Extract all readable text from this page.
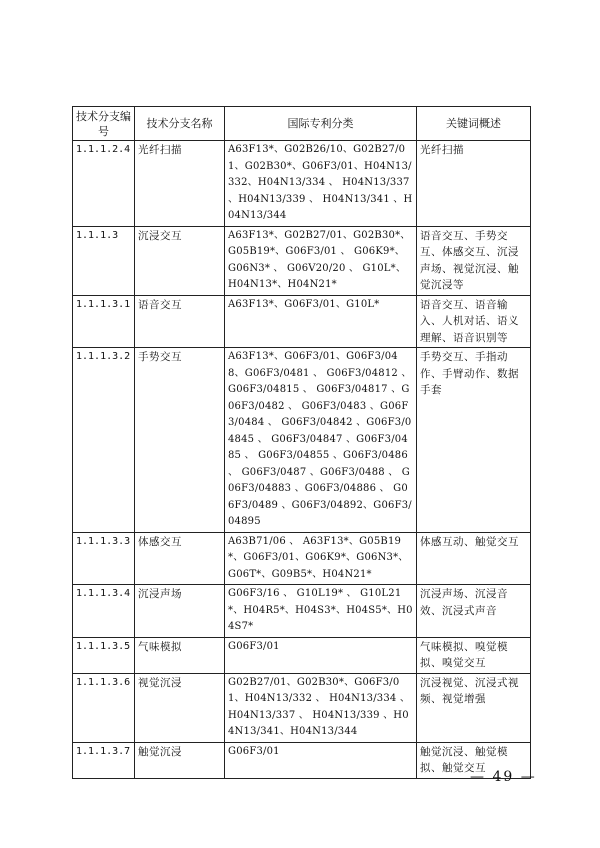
技术分支编号	技术分支名称	国际专利分类	关键词概述
1.1.1.2.4	光纤扫描	A63F13*、G02B26/10、G02B27/01、G02B30*、G06F3/01、H04N13/332、H04N13/334 、 H04N13/337 、H04N13/339 、 H04N13/341 、H04N13/344	光纤扫描
1.1.1.3	沉浸交互	A63F13*、G02B27/01、G02B30*、G05B19*、G06F3/01 、 G06K9*、G06N3* 、 G06V20/20 、 G10L*、H04N13*、H04N21*	语音交互、手势交互、体感交互、沉浸声场、视觉沉浸、触觉沉浸等
1.1.1.3.1	语音交互	A63F13*、G06F3/01、G10L*	语音交互、语音输入、人机对话、语义理解、语音识别等
1.1.1.3.2	手势交互	A63F13*、G06F3/01、G06F3/048、G06F3/0481 、 G06F3/04812 、G06F3/04815 、 G06F3/04817 、G06F3/0482 、 G06F3/0483 、G06F3/0484 、 G06F3/04842 、G06F3/04845 、 G06F3/04847 、G06F3/0485 、 G06F3/04855 、G06F3/0486 、 G06F3/0487 、G06F3/0488 、 G06F3/04883 、G06F3/04886 、 G06F3/0489 、G06F3/04892、G06F3/04895	手势交互、手指动作、手臂动作、数据手套
1.1.1.3.3	体感交互	A63B71/06 、 A63F13*、G05B19*、G06F3/01、G06K9*、G06N3*、G06T*、G09B5*、H04N21*	体感互动、触觉交互
1.1.1.3.4	沉浸声场	G06F3/16 、 G10L19* 、 G10L21*、H04R5*、H04S3*、H04S5*、H04S7*	沉浸声场、沉浸音效、沉浸式声音
1.1.1.3.5	气味模拟	G06F3/01	气味模拟、嗅觉模拟、嗅觉交互
1.1.1.3.6	视觉沉浸	G02B27/01、G02B30*、G06F3/01、H04N13/332 、 H04N13/334 、H04N13/337 、 H04N13/339 、H04N13/341、H04N13/344	沉浸视觉、沉浸式视频、视觉增强
1.1.1.3.7	触觉沉浸	G06F3/01	触觉沉浸、触觉模拟、触觉交互
— 49 —
